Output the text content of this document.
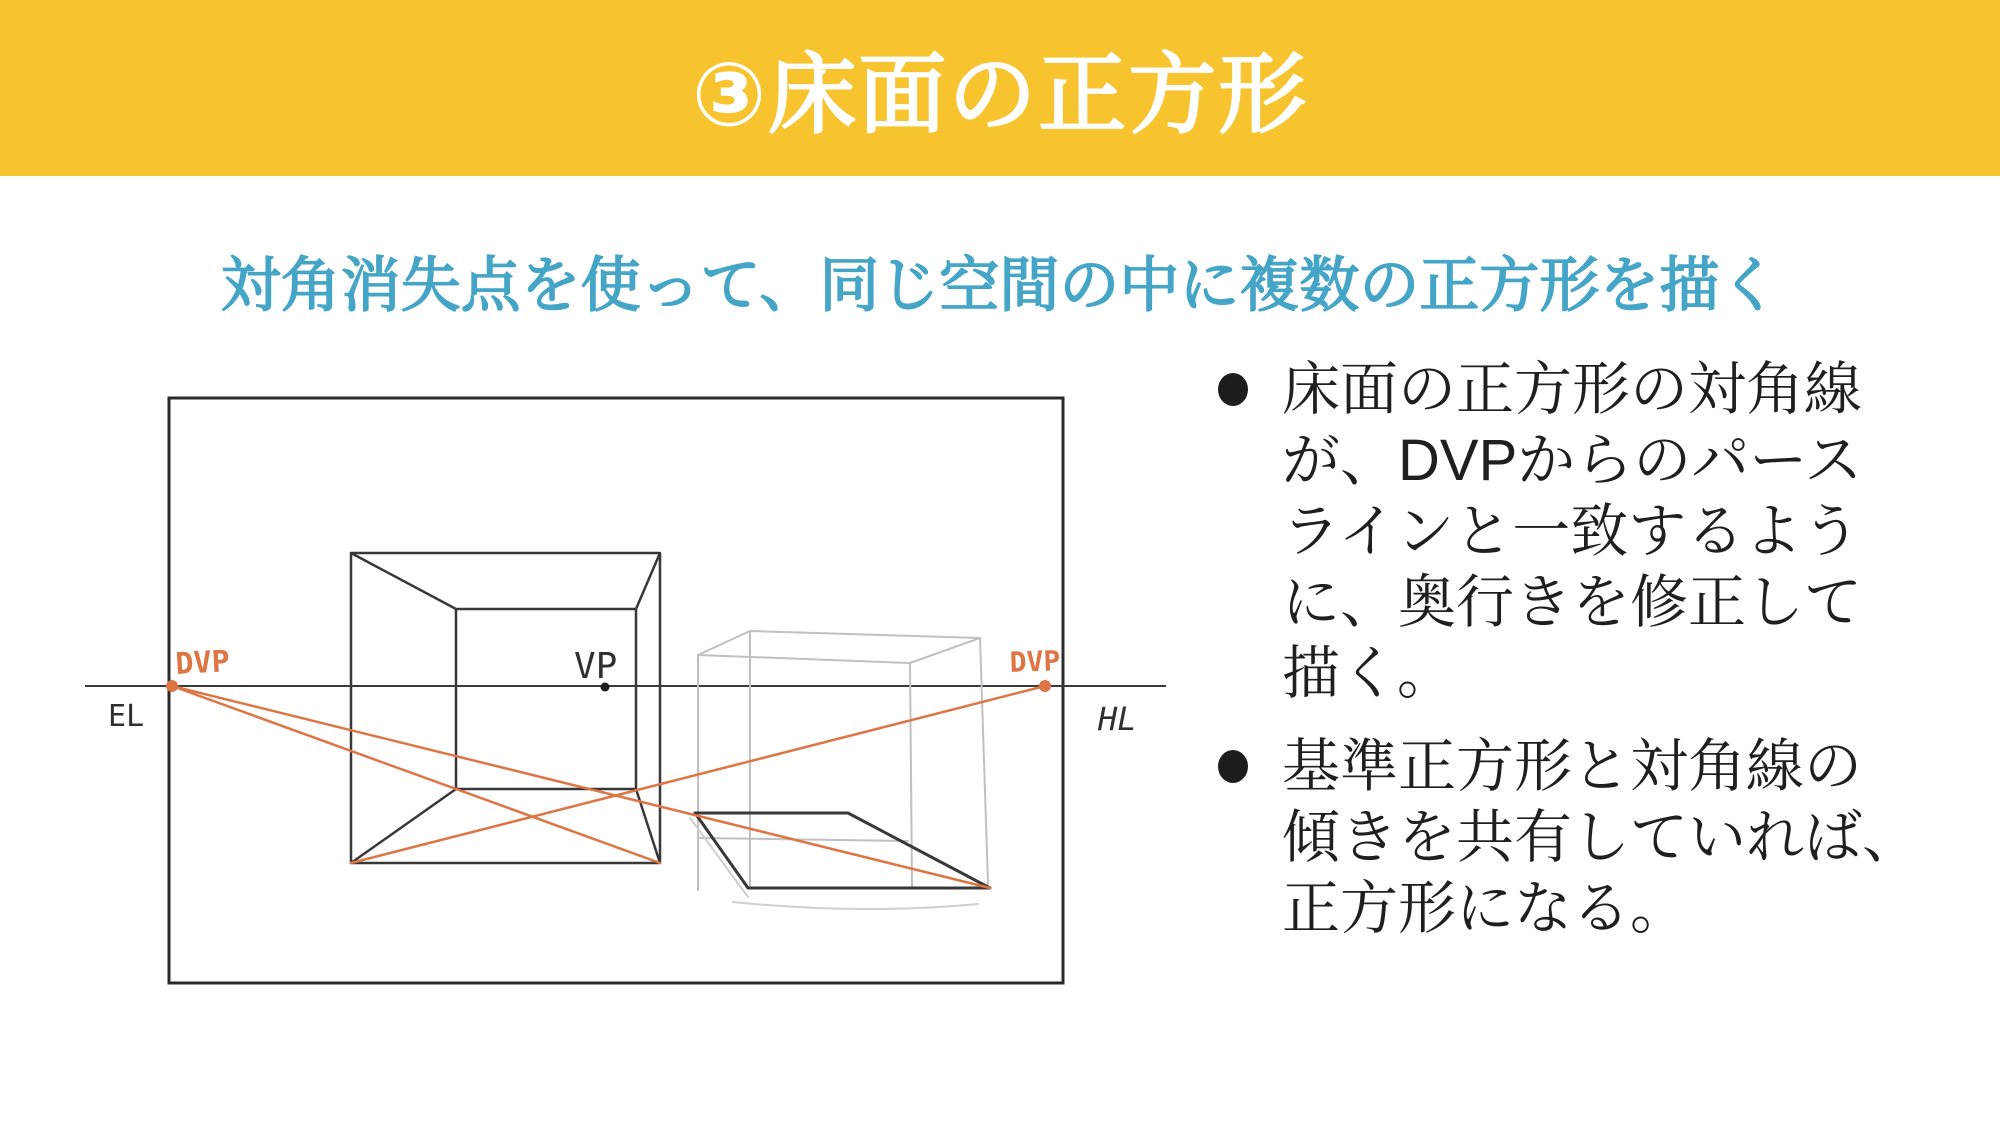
③床面の正方形
対角消失点を使って、同じ空間の中に複数の正方形を描く
DVP	VP	DVP
EL	HL
床面の正方形の対角線
が、DVPからのパース
ラインと一致するよう
に、奥行きを修正して
描く。
基準正方形と対角線の
傾きを共有していれば、
正方形になる。
